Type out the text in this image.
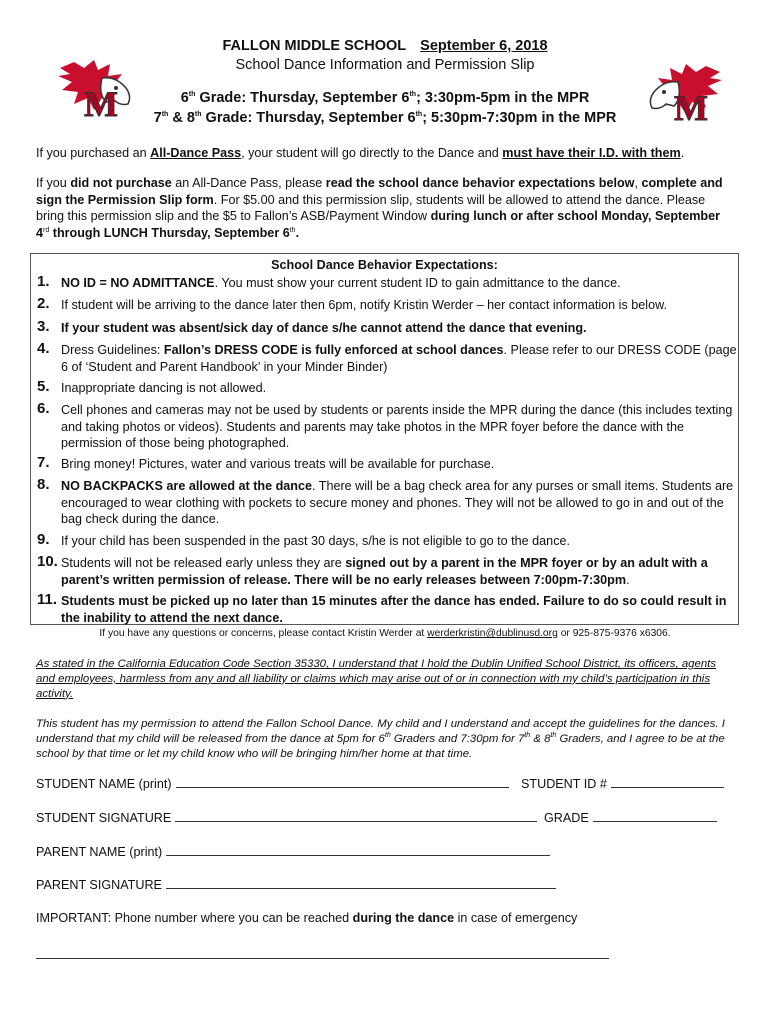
M	M
FALLON MIDDLE SCHOOL September 6, 2018
School Dance Information and Permission Slip
6th Grade: Thursday, September 6th; 3:30pm-5pm in the MPR
7th & 8th Grade: Thursday, September 6th; 5:30pm-7:30pm in the MPR
If you purchased an All-Dance Pass, your student will go directly to the Dance and must have their I.D. with them.
If you did not purchase an All-Dance Pass, please read the school dance behavior expectations below, complete and sign the Permission Slip form. For $5.00 and this permission slip, students will be allowed to attend the dance. Please bring this permission slip and the $5 to Fallon’s ASB/Payment Window during lunch or after school Monday, September 4rd through LUNCH Thursday, September 6th.
School Dance Behavior Expectations:
1. NO ID = NO ADMITTANCE. You must show your current student ID to gain admittance to the dance.
2. If student will be arriving to the dance later then 6pm, notify Kristin Werder – her contact information is below.
3. If your student was absent/sick day of dance s/he cannot attend the dance that evening.
4. Dress Guidelines: Fallon’s DRESS CODE is fully enforced at school dances. Please refer to our DRESS CODE (page 6 of ‘Student and Parent Handbook’ in your Minder Binder)
5. Inappropriate dancing is not allowed.
6. Cell phones and cameras may not be used by students or parents inside the MPR during the dance (this includes texting and taking photos or videos). Students and parents may take photos in the MPR foyer before the dance with the permission of those being photographed.
7. Bring money! Pictures, water and various treats will be available for purchase.
8. NO BACKPACKS are allowed at the dance. There will be a bag check area for any purses or small items. Students are encouraged to wear clothing with pockets to secure money and phones. They will not be allowed to go in and out of the bag check during the dance.
9. If your child has been suspended in the past 30 days, s/he is not eligible to go to the dance.
10. Students will not be released early unless they are signed out by a parent in the MPR foyer or by an adult with a parent’s written permission of release. There will be no early releases between 7:00pm-7:30pm.
11. Students must be picked up no later than 15 minutes after the dance has ended. Failure to do so could result in the inability to attend the next dance.
If you have any questions or concerns, please contact Kristin Werder at werderkristin@dublinusd.org or 925-875-9376 x6306.
As stated in the California Education Code Section 35330, I understand that I hold the Dublin Unified School District, its officers, agents and employees, harmless from any and all liability or claims which may arise out of or in connection with my child’s participation in this activity.
This student has my permission to attend the Fallon School Dance. My child and I understand and accept the guidelines for the dances. I understand that my child will be released from the dance at 5pm for 6th Graders and 7:30pm for 7th & 8th Graders, and I agree to be at the school by that time or let my child know who will be bringing him/her home at that time.
STUDENT NAME (print)	STUDENT ID #
STUDENT SIGNATURE	GRADE
PARENT NAME (print)
PARENT SIGNATURE
IMPORTANT: Phone number where you can be reached during the dance in case of emergency
